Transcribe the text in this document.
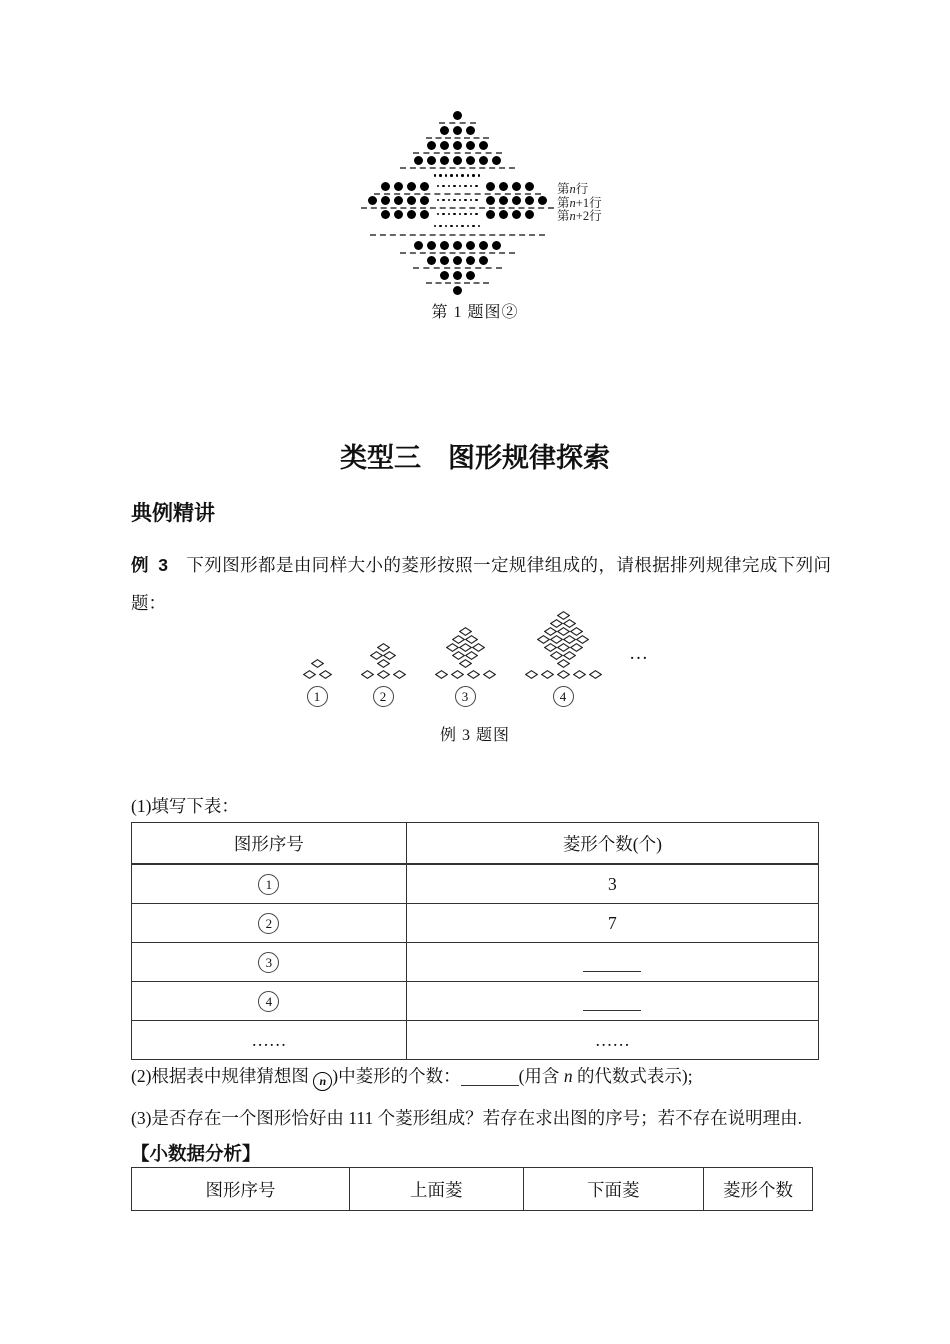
第n行
第n+1行
第n+2行
第 1 题图②
类型三　图形规律探索
典例精讲
例 3 下列图形都是由同样大小的菱形按照一定规律组成的，请根据排列规律完成下列问题：
1	2	3	4
…
例 3 题图
(1)填写下表：
图形序号	菱形个数(个)
1	3
2	7
3	
4	
……	……
(2)根据表中规律猜想图 n )中菱形的个数：	(用含 n 的代数式表示);
(3)是否存在一个图形恰好由 111 个菱形组成？若存在求出图的序号；若不存在说明理由.
【小数据分析】
图形序号	上面菱	下面菱	菱形个数
